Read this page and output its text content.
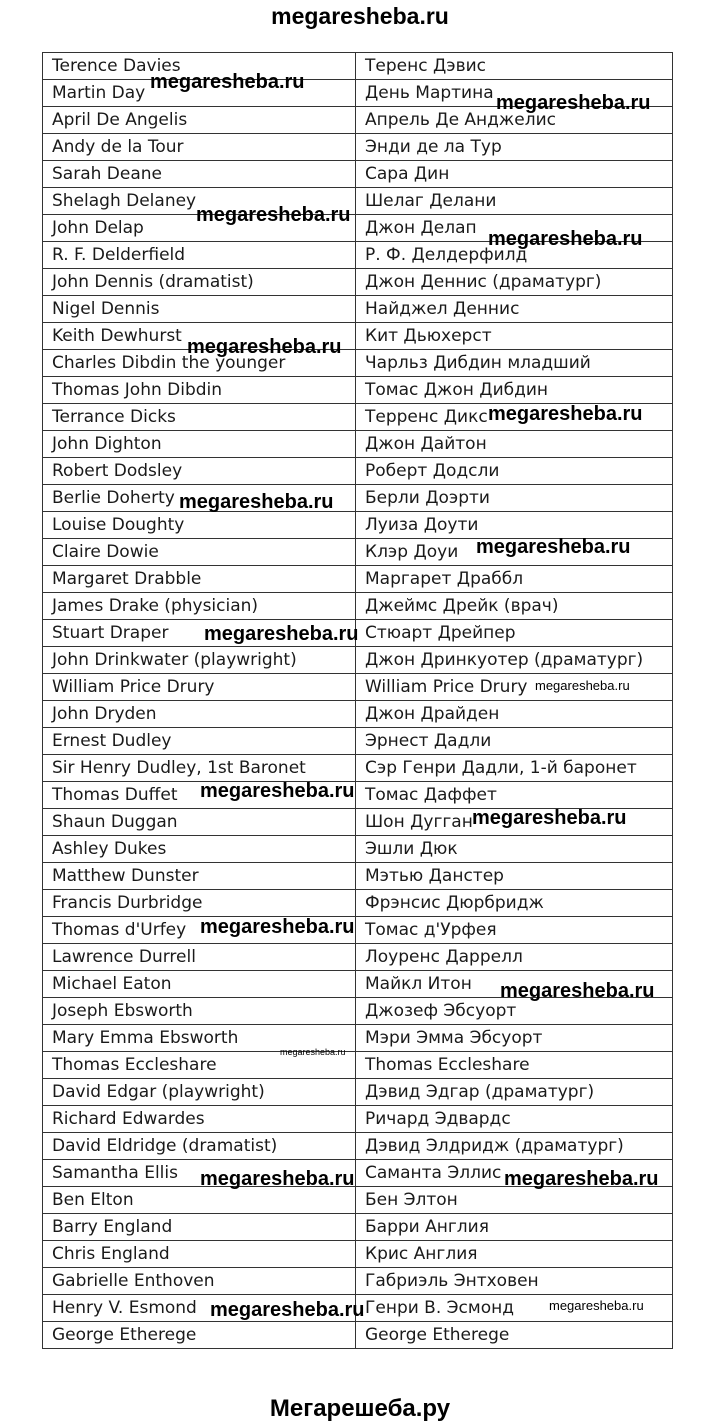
megaresheba.ru
Terence Davies	Теренс Дэвис
Martin Day	День Мартина
April De Angelis	Апрель Де Анджелис
Andy de la Tour	Энди де ла Тур
Sarah Deane	Сара Дин
Shelagh Delaney	Шелаг Делани
John Delap	Джон Делап
R. F. Delderfield	Р. Ф. Делдерфилд
John Dennis (dramatist)	Джон Деннис (драматург)
Nigel Dennis	Найджел Деннис
Keith Dewhurst	Кит Дьюхерст
Charles Dibdin the younger	Чарльз Дибдин младший
Thomas John Dibdin	Томас Джон Дибдин
Terrance Dicks	Терренс Дикс
John Dighton	Джон Дайтон
Robert Dodsley	Роберт Додсли
Berlie Doherty	Берли Доэрти
Louise Doughty	Луиза Доути
Claire Dowie	Клэр Доуи
Margaret Drabble	Маргарет Драббл
James Drake (physician)	Джеймс Дрейк (врач)
Stuart Draper	Стюарт Дрейпер
John Drinkwater (playwright)	Джон Дринкуотер (драматург)
William Price Drury	William Price Drury
John Dryden	Джон Драйден
Ernest Dudley	Эрнест Дадли
Sir Henry Dudley, 1st Baronet	Сэр Генри Дадли, 1-й баронет
Thomas Duffet	Томас Даффет
Shaun Duggan	Шон Дугган
Ashley Dukes	Эшли Дюк
Matthew Dunster	Мэтью Данстер
Francis Durbridge	Фрэнсис Дюрбридж
Thomas d'Urfey	Томас д'Урфея
Lawrence Durrell	Лоуренс Даррелл
Michael Eaton	Майкл Итон
Joseph Ebsworth	Джозеф Эбсуорт
Mary Emma Ebsworth	Мэри Эмма Эбсуорт
Thomas Eccleshare	Thomas Eccleshare
David Edgar (playwright)	Дэвид Эдгар (драматург)
Richard Edwardes	Ричард Эдвардс
David Eldridge (dramatist)	Дэвид Элдридж (драматург)
Samantha Ellis	Саманта Эллис
Ben Elton	Бен Элтон
Barry England	Барри Англия
Chris England	Крис Англия
Gabrielle Enthoven	Габриэль Энтховен
Henry V. Esmond	Генри В. Эсмонд
George Etherege	George Etherege
megaresheba.ru
megaresheba.ru
megaresheba.ru
megaresheba.ru
megaresheba.ru
megaresheba.ru
megaresheba.ru
megaresheba.ru
megaresheba.ru
megaresheba.ru
megaresheba.ru
megaresheba.ru
megaresheba.ru
megaresheba.ru
megaresheba.ru
megaresheba.ru	megaresheba.ru
megaresheba.ru	megaresheba.ru
Мегарешеба.ру
